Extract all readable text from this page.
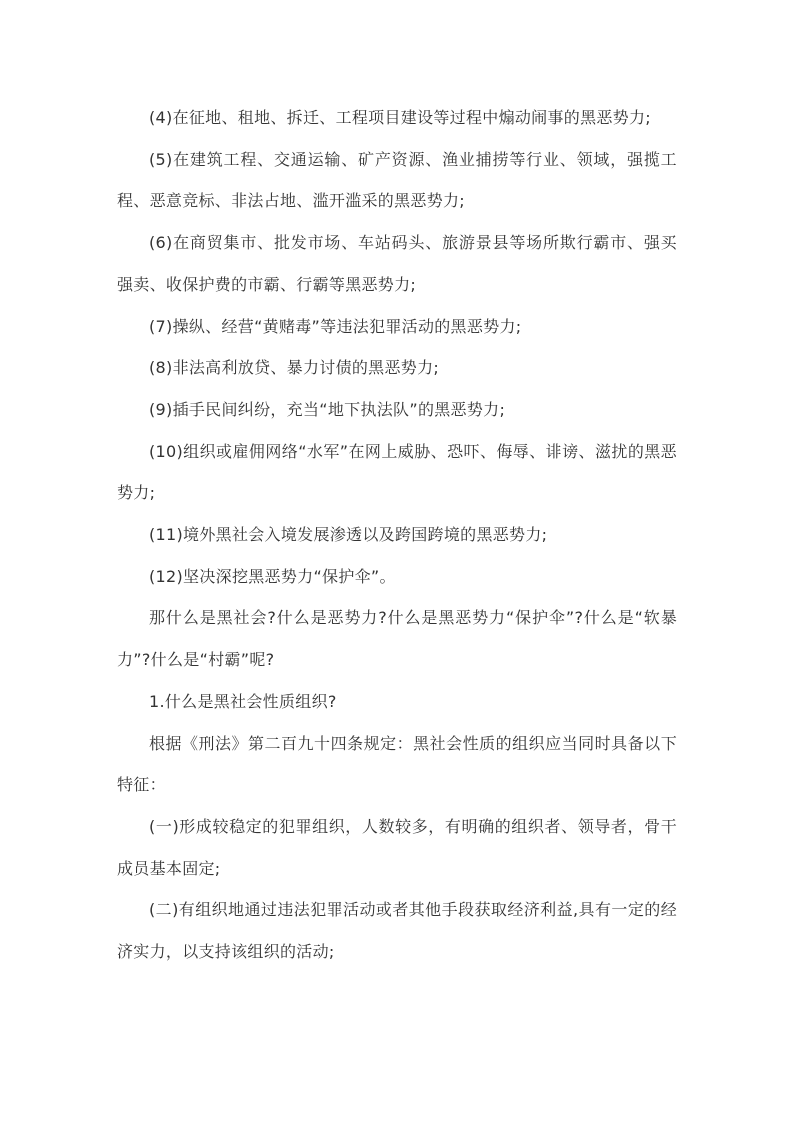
(4)在征地、租地、拆迁、工程项目建设等过程中煽动闹事的黑恶势力;

(5)在建筑工程、交通运输、矿产资源、渔业捕捞等行业、领域，强揽工程、恶意竞标、非法占地、滥开滥采的黑恶势力;

(6)在商贸集市、批发市场、车站码头、旅游景县等场所欺行霸市、强买强卖、收保护费的市霸、行霸等黑恶势力;

(7)操纵、经营“黄赌毒”等违法犯罪活动的黑恶势力;

(8)非法高利放贷、暴力讨债的黑恶势力;

(9)插手民间纠纷，充当“地下执法队”的黑恶势力;

(10)组织或雇佣网络“水军”在网上威胁、恐吓、侮辱、诽谤、滋扰的黑恶势力;

(11)境外黑社会入境发展渗透以及跨国跨境的黑恶势力;

(12)坚决深挖黑恶势力“保护伞”。

那什么是黑社会?什么是恶势力?什么是黑恶势力“保护伞”?什么是“软暴力”?什么是“村霸”呢?

1.什么是黑社会性质组织?

根据《刑法》第二百九十四条规定：黑社会性质的组织应当同时具备以下特征：

(一)形成较稳定的犯罪组织，人数较多，有明确的组织者、领导者，骨干成员基本固定;

(二)有组织地通过违法犯罪活动或者其他手段获取经济利益,具有一定的经济实力，以支持该组织的活动;
